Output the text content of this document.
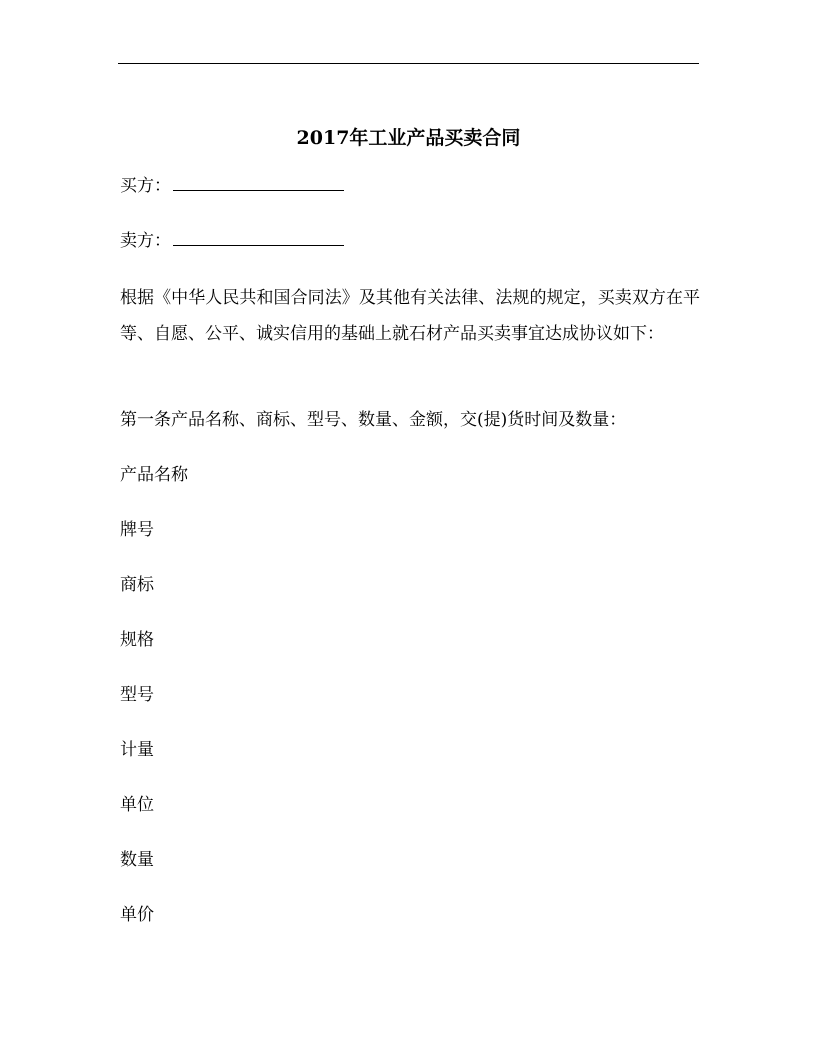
2017年工业产品买卖合同
买方：
卖方：
根据《中华人民共和国合同法》及其他有关法律、法规的规定，买卖双方在平等、自愿、公平、诚实信用的基础上就石材产品买卖事宜达成协议如下：
第一条产品名称、商标、型号、数量、金额，交(提)货时间及数量：
产品名称
牌号
商标
规格
型号
计量
单位
数量
单价
